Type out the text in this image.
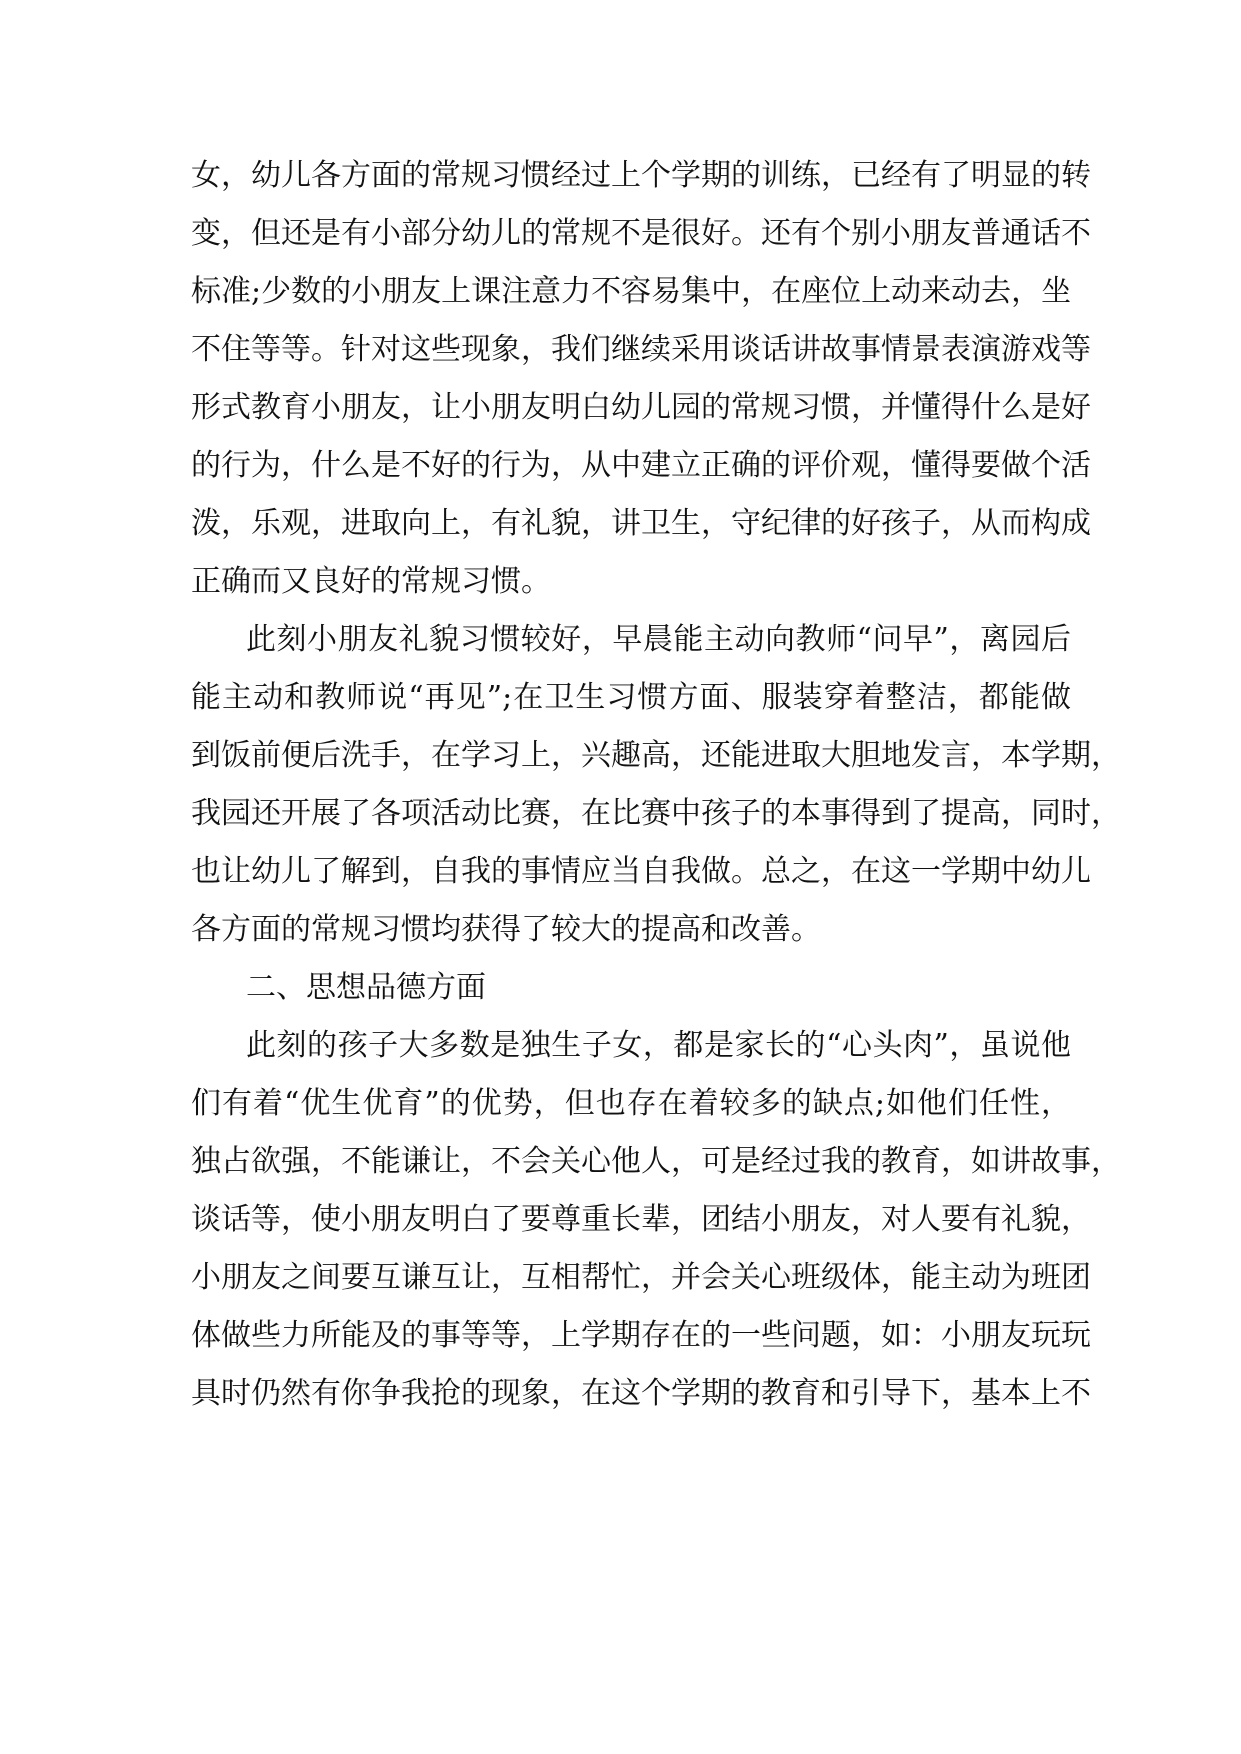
女，幼儿各方面的常规习惯经过上个学期的训练，已经有了明显的转
变，但还是有小部分幼儿的常规不是很好。还有个别小朋友普通话不
标准;少数的小朋友上课注意力不容易集中，在座位上动来动去，坐
不住等等。针对这些现象，我们继续采用谈话讲故事情景表演游戏等
形式教育小朋友，让小朋友明白幼儿园的常规习惯，并懂得什么是好
的行为，什么是不好的行为，从中建立正确的评价观，懂得要做个活
泼，乐观，进取向上，有礼貌，讲卫生，守纪律的好孩子，从而构成
正确而又良好的常规习惯。
此刻小朋友礼貌习惯较好，早晨能主动向教师“问早”，离园后
能主动和教师说“再见”;在卫生习惯方面、服装穿着整洁，都能做
到饭前便后洗手，在学习上，兴趣高，还能进取大胆地发言，本学期，
我园还开展了各项活动比赛，在比赛中孩子的本事得到了提高，同时，
也让幼儿了解到，自我的事情应当自我做。总之，在这一学期中幼儿
各方面的常规习惯均获得了较大的提高和改善。
二、思想品德方面
此刻的孩子大多数是独生子女，都是家长的“心头肉”，虽说他
们有着“优生优育”的优势，但也存在着较多的缺点;如他们任性，
独占欲强，不能谦让，不会关心他人，可是经过我的教育，如讲故事，
谈话等，使小朋友明白了要尊重长辈，团结小朋友，对人要有礼貌，
小朋友之间要互谦互让，互相帮忙，并会关心班级体，能主动为班团
体做些力所能及的事等等，上学期存在的一些问题，如：小朋友玩玩
具时仍然有你争我抢的现象，在这个学期的教育和引导下，基本上不
